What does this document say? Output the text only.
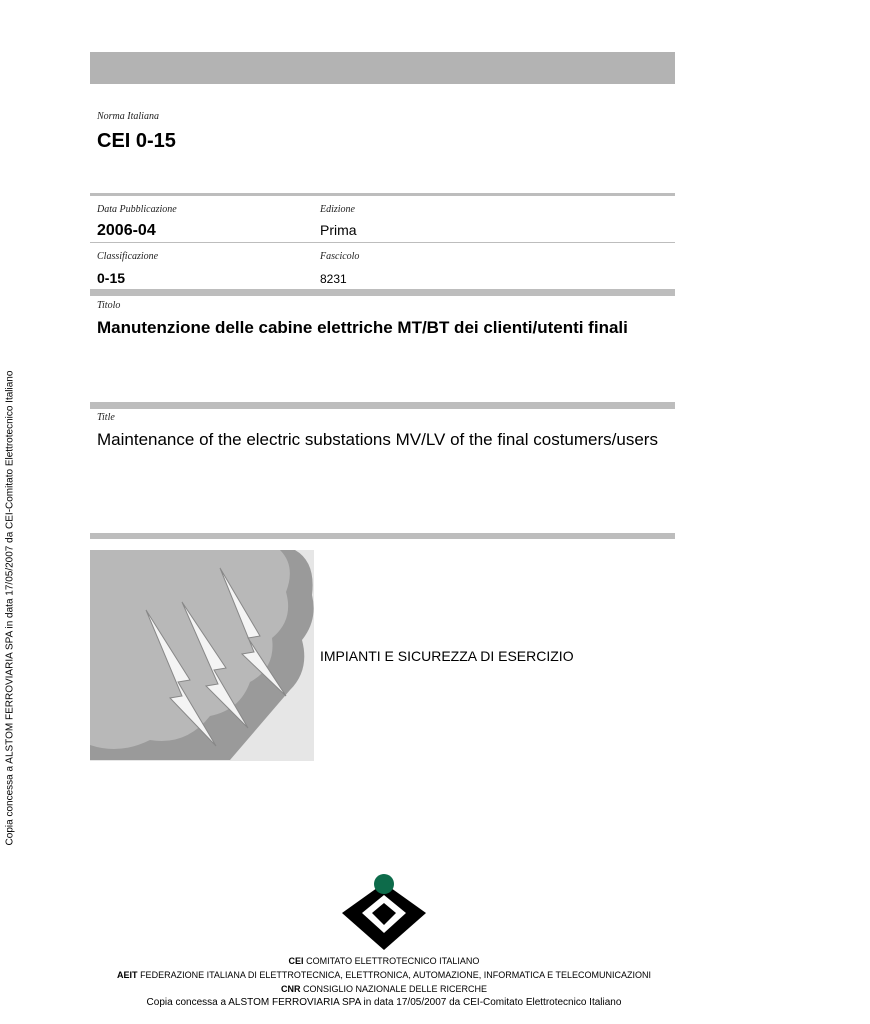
Copia concessa a ALSTOM FERROVIARIA SPA in data 17/05/2007 da CEI-Comitato Elettrotecnico Italiano

N O R M A   I T A L I A N A   C E I

Norma Italiana
CEI 0-15
Data Pubblicazione
2006-04
Edizione
Prima
Classificazione
0-15
Fascicolo
8231
Titolo
Manutenzione delle cabine elettriche MT/BT dei clienti/utenti finali
Title
Maintenance of the electric substations MV/LV of the final costumers/users
IMPIANTI E SICUREZZA DI ESERCIZIO
CEI COMITATO ELETTROTECNICO ITALIANO
AEIT FEDERAZIONE ITALIANA DI ELETTROTECNICA, ELETTRONICA, AUTOMAZIONE, INFORMATICA E TELECOMUNICAZIONI
CNR CONSIGLIO NAZIONALE DELLE RICERCHE
Copia concessa a ALSTOM FERROVIARIA SPA in data 17/05/2007 da CEI-Comitato Elettrotecnico Italiano
